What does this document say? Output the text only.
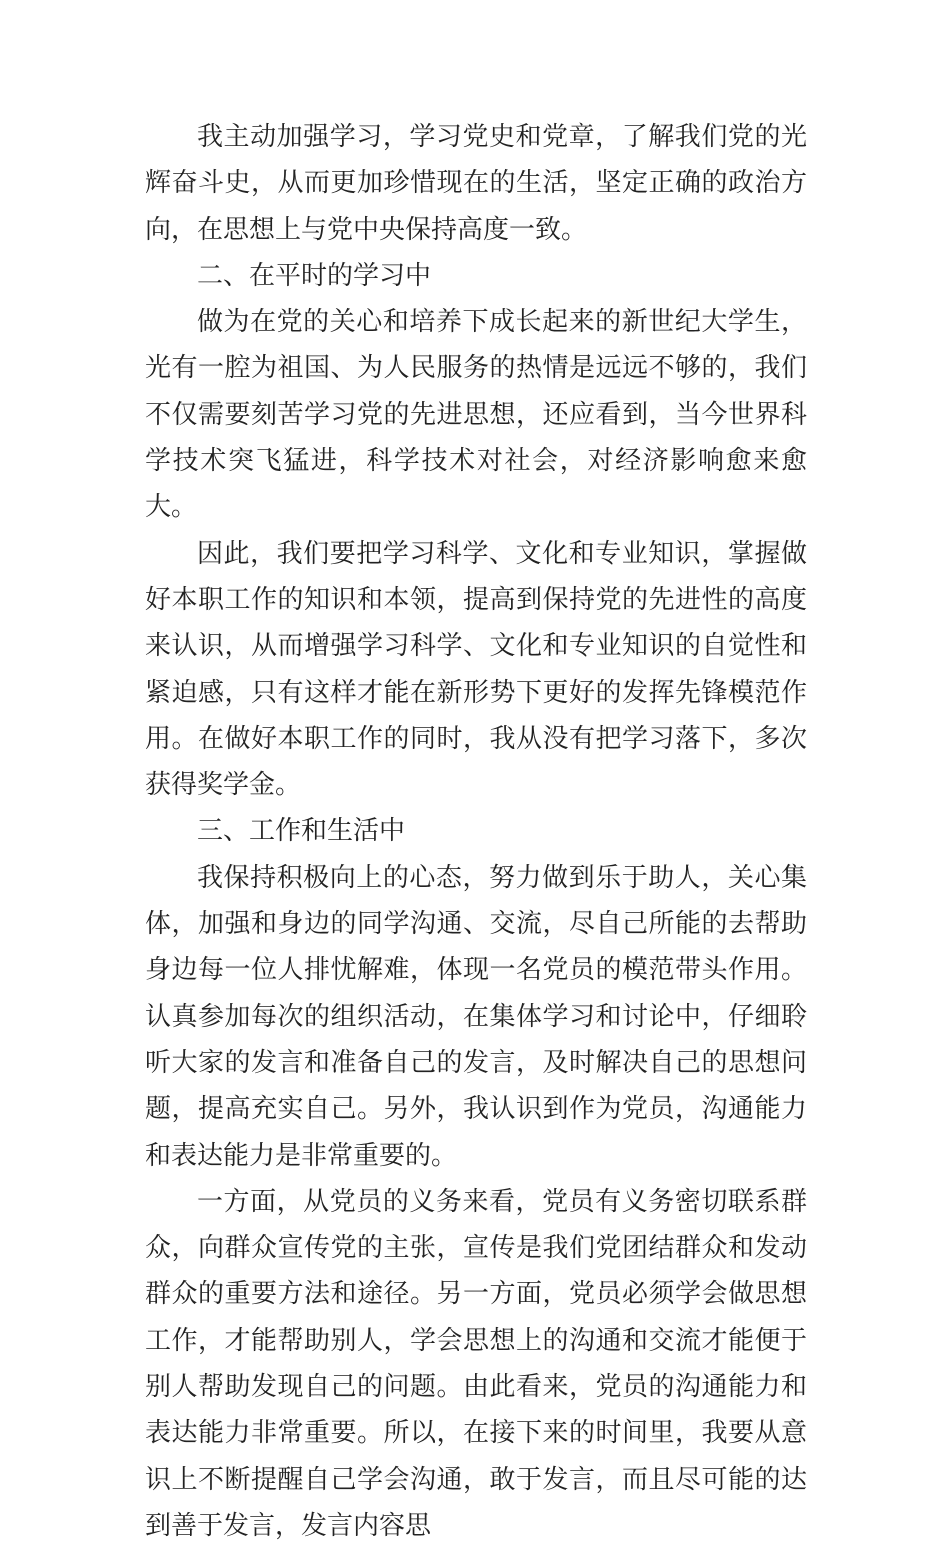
我主动加强学习，学习党史和党章，了解我们党的光辉奋斗史，从而更加珍惜现在的生活，坚定正确的政治方向，在思想上与党中央保持高度一致。

二、在平时的学习中

做为在党的关心和培养下成长起来的新世纪大学生，光有一腔为祖国、为人民服务的热情是远远不够的，我们不仅需要刻苦学习党的先进思想，还应看到，当今世界科学技术突飞猛进，科学技术对社会，对经济影响愈来愈大。

因此，我们要把学习科学、文化和专业知识，掌握做好本职工作的知识和本领，提高到保持党的先进性的高度来认识，从而增强学习科学、文化和专业知识的自觉性和紧迫感，只有这样才能在新形势下更好的发挥先锋模范作用。在做好本职工作的同时，我从没有把学习落下，多次获得奖学金。

三、工作和生活中

我保持积极向上的心态，努力做到乐于助人，关心集体，加强和身边的同学沟通、交流，尽自己所能的去帮助身边每一位人排忧解难，体现一名党员的模范带头作用。认真参加每次的组织活动，在集体学习和讨论中，仔细聆听大家的发言和准备自己的发言，及时解决自己的思想问题，提高充实自己。另外，我认识到作为党员，沟通能力和表达能力是非常重要的。

一方面，从党员的义务来看，党员有义务密切联系群众，向群众宣传党的主张，宣传是我们党团结群众和发动群众的重要方法和途径。另一方面，党员必须学会做思想工作，才能帮助别人，学会思想上的沟通和交流才能便于别人帮助发现自己的问题。由此看来，党员的沟通能力和表达能力非常重要。所以，在接下来的时间里，我要从意识上不断提醒自己学会沟通，敢于发言，而且尽可能的达到善于发言，发言内容思
